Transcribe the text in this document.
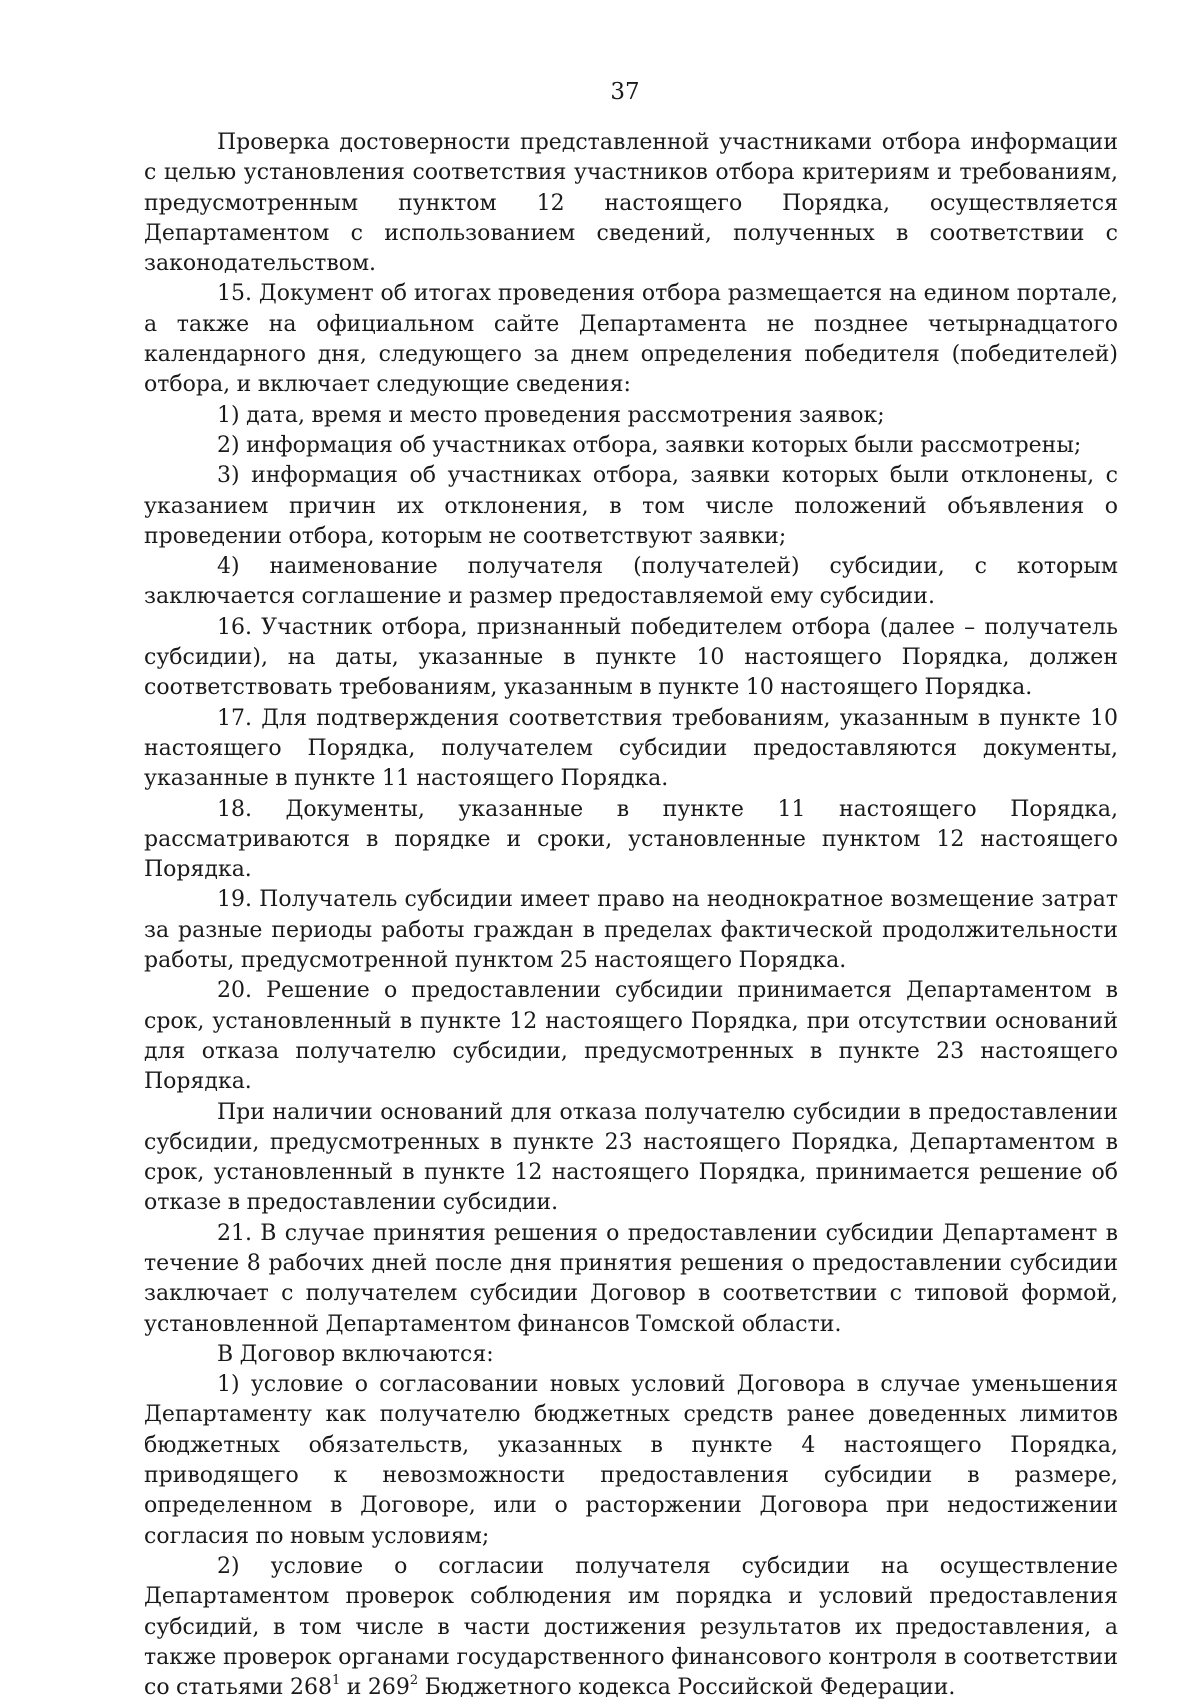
37

Проверка достоверности представленной участниками отбора информации с целью установления соответствия участников отбора критериям и требованиям, предусмотренным пунктом 12 настоящего Порядка, осуществляется Департаментом с использованием сведений, полученных в соответствии с законодательством.

15. Документ об итогах проведения отбора размещается на едином портале, а также на официальном сайте Департамента не позднее четырнадцатого календарного дня, следующего за днем определения победителя (победителей) отбора, и включает следующие сведения:

1) дата, время и место проведения рассмотрения заявок;

2) информация об участниках отбора, заявки которых были рассмотрены;

3) информация об участниках отбора, заявки которых были отклонены, с указанием причин их отклонения, в том числе положений объявления о проведении отбора, которым не соответствуют заявки;

4) наименование получателя (получателей) субсидии, с которым заключается соглашение и размер предоставляемой ему субсидии.

16. Участник отбора, признанный победителем отбора (далее – получатель субсидии), на даты, указанные в пункте 10 настоящего Порядка, должен соответствовать требованиям, указанным в пункте 10 настоящего Порядка.

17. Для подтверждения соответствия требованиям, указанным в пункте 10 настоящего Порядка, получателем субсидии предоставляются документы, указанные в пункте 11 настоящего Порядка.

18. Документы, указанные в пункте 11 настоящего Порядка, рассматриваются в порядке и сроки, установленные пунктом 12 настоящего Порядка.

19. Получатель субсидии имеет право на неоднократное возмещение затрат за разные периоды работы граждан в пределах фактической продолжительности работы, предусмотренной пунктом 25 настоящего Порядка.

20. Решение о предоставлении субсидии принимается Департаментом в срок, установленный в пункте 12 настоящего Порядка, при отсутствии оснований для отказа получателю субсидии, предусмотренных в пункте 23 настоящего Порядка.

При наличии оснований для отказа получателю субсидии в предоставлении субсидии, предусмотренных в пункте 23 настоящего Порядка, Департаментом в срок, установленный в пункте 12 настоящего Порядка, принимается решение об отказе в предоставлении субсидии.

21. В случае принятия решения о предоставлении субсидии Департамент в течение 8 рабочих дней после дня принятия решения о предоставлении субсидии заключает с получателем субсидии Договор в соответствии с типовой формой, установленной Департаментом финансов Томской области.

В Договор включаются:

1) условие о согласовании новых условий Договора в случае уменьшения Департаменту как получателю бюджетных средств ранее доведенных лимитов бюджетных обязательств, указанных в пункте 4 настоящего Порядка, приводящего к невозможности предоставления субсидии в размере, определенном в Договоре, или о расторжении Договора при недостижении согласия по новым условиям;

2) условие о согласии получателя субсидии на осуществление Департаментом проверок соблюдения им порядка и условий предоставления субсидий, в том числе в части достижения результатов их предоставления, а также проверок органами государственного финансового контроля в соответствии со статьями $268^1$ и $269^2$ Бюджетного кодекса Российской Федерации.
